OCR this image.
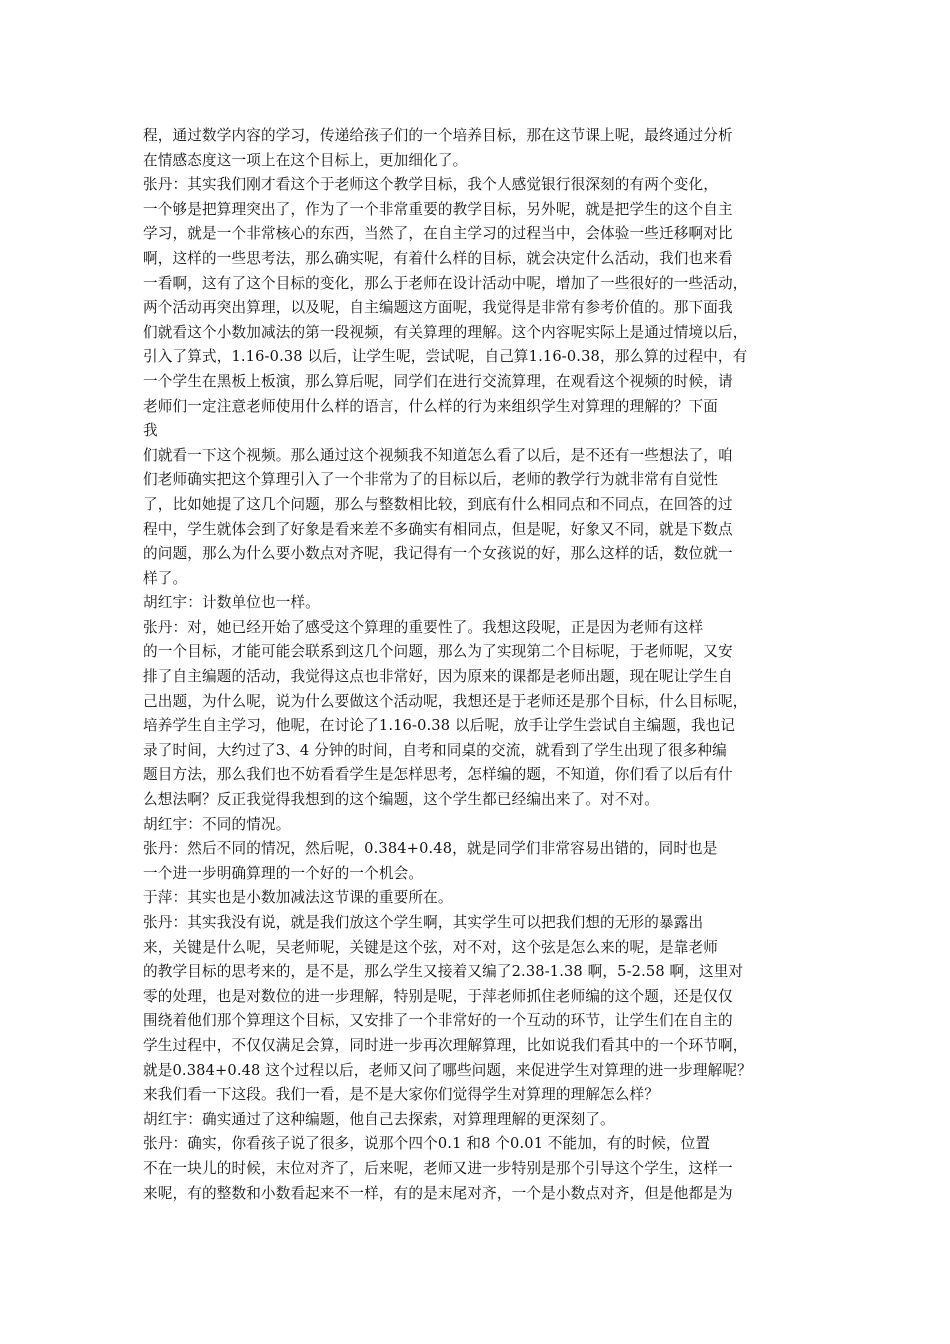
程，通过数学内容的学习，传递给孩子们的一个培养目标，那在这节课上呢，最终通过分析
在情感态度这一项上在这个目标上，更加细化了。
张丹：其实我们刚才看这个于老师这个教学目标，我个人感觉银行很深刻的有两个变化，
一个够是把算理突出了，作为了一个非常重要的教学目标，另外呢，就是把学生的这个自主
学习，就是一个非常核心的东西，当然了，在自主学习的过程当中，会体验一些迁移啊对比
啊，这样的一些思考法，那么确实呢，有着什么样的目标，就会决定什么活动，我们也来看
一看啊，这有了这个目标的变化，那么于老师在设计活动中呢，增加了一些很好的一些活动，
两个活动再突出算理，以及呢，自主编题这方面呢，我觉得是非常有参考价值的。那下面我
们就看这个小数加减法的第一段视频，有关算理的理解。这个内容呢实际上是通过情境以后，
引入了算式，1.16-0.38 以后，让学生呢，尝试呢，自己算1.16-0.38，那么算的过程中，有
一个学生在黑板上板演，那么算后呢，同学们在进行交流算理，在观看这个视频的时候，请
老师们一定注意老师使用什么样的语言，什么样的行为来组织学生对算理的理解的？下面
我
们就看一下这个视频。那么通过这个视频我不知道怎么看了以后，是不还有一些想法了，咱
们老师确实把这个算理引入了一个非常为了的目标以后，老师的教学行为就非常有自觉性
了，比如她提了这几个问题，那么与整数相比较，到底有什么相同点和不同点，在回答的过
程中，学生就体会到了好象是看来差不多确实有相同点，但是呢，好象又不同，就是下数点
的问题，那么为什么要小数点对齐呢，我记得有一个女孩说的好，那么这样的话，数位就一
样了。
胡红宇：计数单位也一样。
张丹：对，她已经开始了感受这个算理的重要性了。我想这段呢，正是因为老师有这样
的一个目标，才能可能会联系到这几个问题，那么为了实现第二个目标呢，于老师呢，又安
排了自主编题的活动，我觉得这点也非常好，因为原来的课都是老师出题，现在呢让学生自
己出题，为什么呢，说为什么要做这个活动呢，我想还是于老师还是那个目标，什么目标呢，
培养学生自主学习，他呢，在讨论了1.16-0.38 以后呢，放手让学生尝试自主编题，我也记
录了时间，大约过了3、4 分钟的时间，自考和同桌的交流，就看到了学生出现了很多种编
题目方法，那么我们也不妨看看学生是怎样思考，怎样编的题，不知道，你们看了以后有什
么想法啊？反正我觉得我想到的这个编题，这个学生都已经编出来了。对不对。
胡红宇：不同的情况。
张丹：然后不同的情况，然后呢，0.384+0.48，就是同学们非常容易出错的，同时也是
一个进一步明确算理的一个好的一个机会。
于萍：其实也是小数加减法这节课的重要所在。
张丹：其实我没有说，就是我们放这个学生啊，其实学生可以把我们想的无形的暴露出
来，关键是什么呢，吴老师呢，关键是这个弦，对不对，这个弦是怎么来的呢，是靠老师
的教学目标的思考来的，是不是，那么学生又接着又编了2.38-1.38 啊，5-2.58 啊，这里对
零的处理，也是对数位的进一步理解，特别是呢，于萍老师抓住老师编的这个题，还是仅仅
围绕着他们那个算理这个目标，又安排了一个非常好的一个互动的环节，让学生们在自主的
学生过程中，不仅仅满足会算，同时进一步再次理解算理，比如说我们看其中的一个环节啊，
就是0.384+0.48 这个过程以后，老师又问了哪些问题，来促进学生对算理的进一步理解呢？
来我们看一下这段。我们一看，是不是大家你们觉得学生对算理的理解怎么样？
胡红宇：确实通过了这种编题，他自己去探索，对算理理解的更深刻了。
张丹：确实，你看孩子说了很多，说那个四个0.1 和8 个0.01 不能加，有的时候，位置
不在一块儿的时候，末位对齐了，后来呢，老师又进一步特别是那个引导这个学生，这样一
来呢，有的整数和小数看起来不一样，有的是末尾对齐，一个是小数点对齐，但是他都是为
